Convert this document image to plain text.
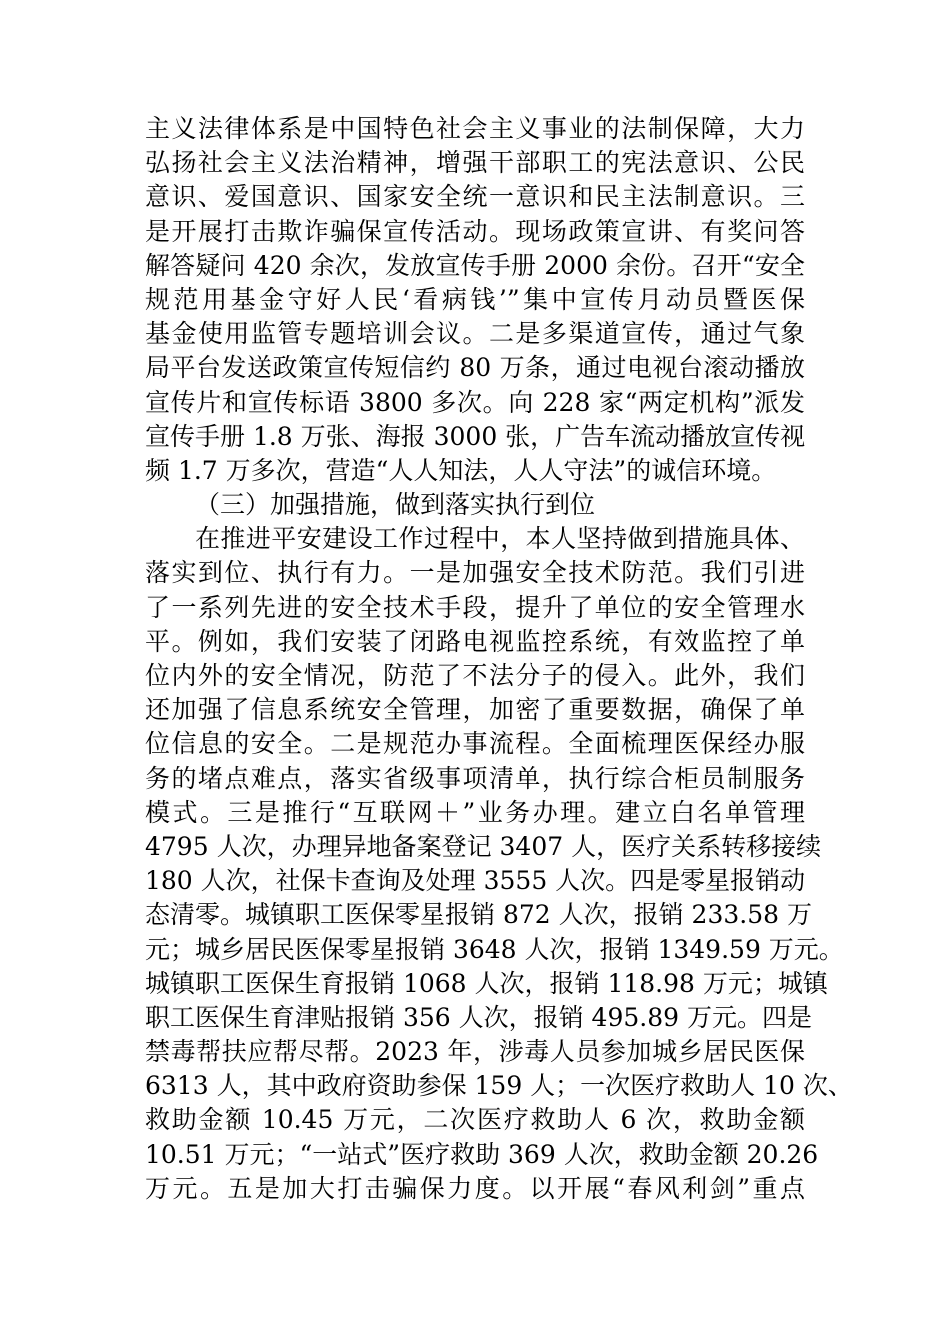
主义法律体系是中国特色社会主义事业的法制保障，大力
弘扬社会主义法治精神，增强干部职工的宪法意识、公民
意识、爱国意识、国家安全统一意识和民主法制意识。三
是开展打击欺诈骗保宣传活动。现场政策宣讲、有奖问答
解答疑问 420 余次，发放宣传手册 2000 余份。召开“安全
规范用基金守好人民‘看病钱’”集中宣传月动员暨医保
基金使用监管专题培训会议。二是多渠道宣传，通过气象
局平台发送政策宣传短信约 80 万条，通过电视台滚动播放
宣传片和宣传标语 3800 多次。向 228 家“两定机构”派发
宣传手册 1.8 万张、海报 3000 张，广告车流动播放宣传视
频 1.7 万多次，营造“人人知法，人人守法”的诚信环境。
（三）加强措施，做到落实执行到位
在推进平安建设工作过程中，本人坚持做到措施具体、
落实到位、执行有力。一是加强安全技术防范。我们引进
了一系列先进的安全技术手段，提升了单位的安全管理水
平。例如，我们安装了闭路电视监控系统，有效监控了单
位内外的安全情况，防范了不法分子的侵入。此外，我们
还加强了信息系统安全管理，加密了重要数据，确保了单
位信息的安全。二是规范办事流程。全面梳理医保经办服
务的堵点难点，落实省级事项清单，执行综合柜员制服务
模式。三是推行“互联网＋”业务办理。建立白名单管理
4795 人次，办理异地备案登记 3407 人，医疗关系转移接续
180 人次，社保卡查询及处理 3555 人次。四是零星报销动
态清零。城镇职工医保零星报销 872 人次，报销 233.58 万
元；城乡居民医保零星报销 3648 人次，报销 1349.59 万元。
城镇职工医保生育报销 1068 人次，报销 118.98 万元；城镇
职工医保生育津贴报销 356 人次，报销 495.89 万元。四是
禁毒帮扶应帮尽帮。2023 年，涉毒人员参加城乡居民医保
6313 人，其中政府资助参保 159 人；一次医疗救助人 10 次、
救助金额 10.45 万元，二次医疗救助人 6 次，救助金额
10.51 万元；“一站式”医疗救助 369 人次，救助金额 20.26
万元。五是加大打击骗保力度。以开展“春风利剑”重点
